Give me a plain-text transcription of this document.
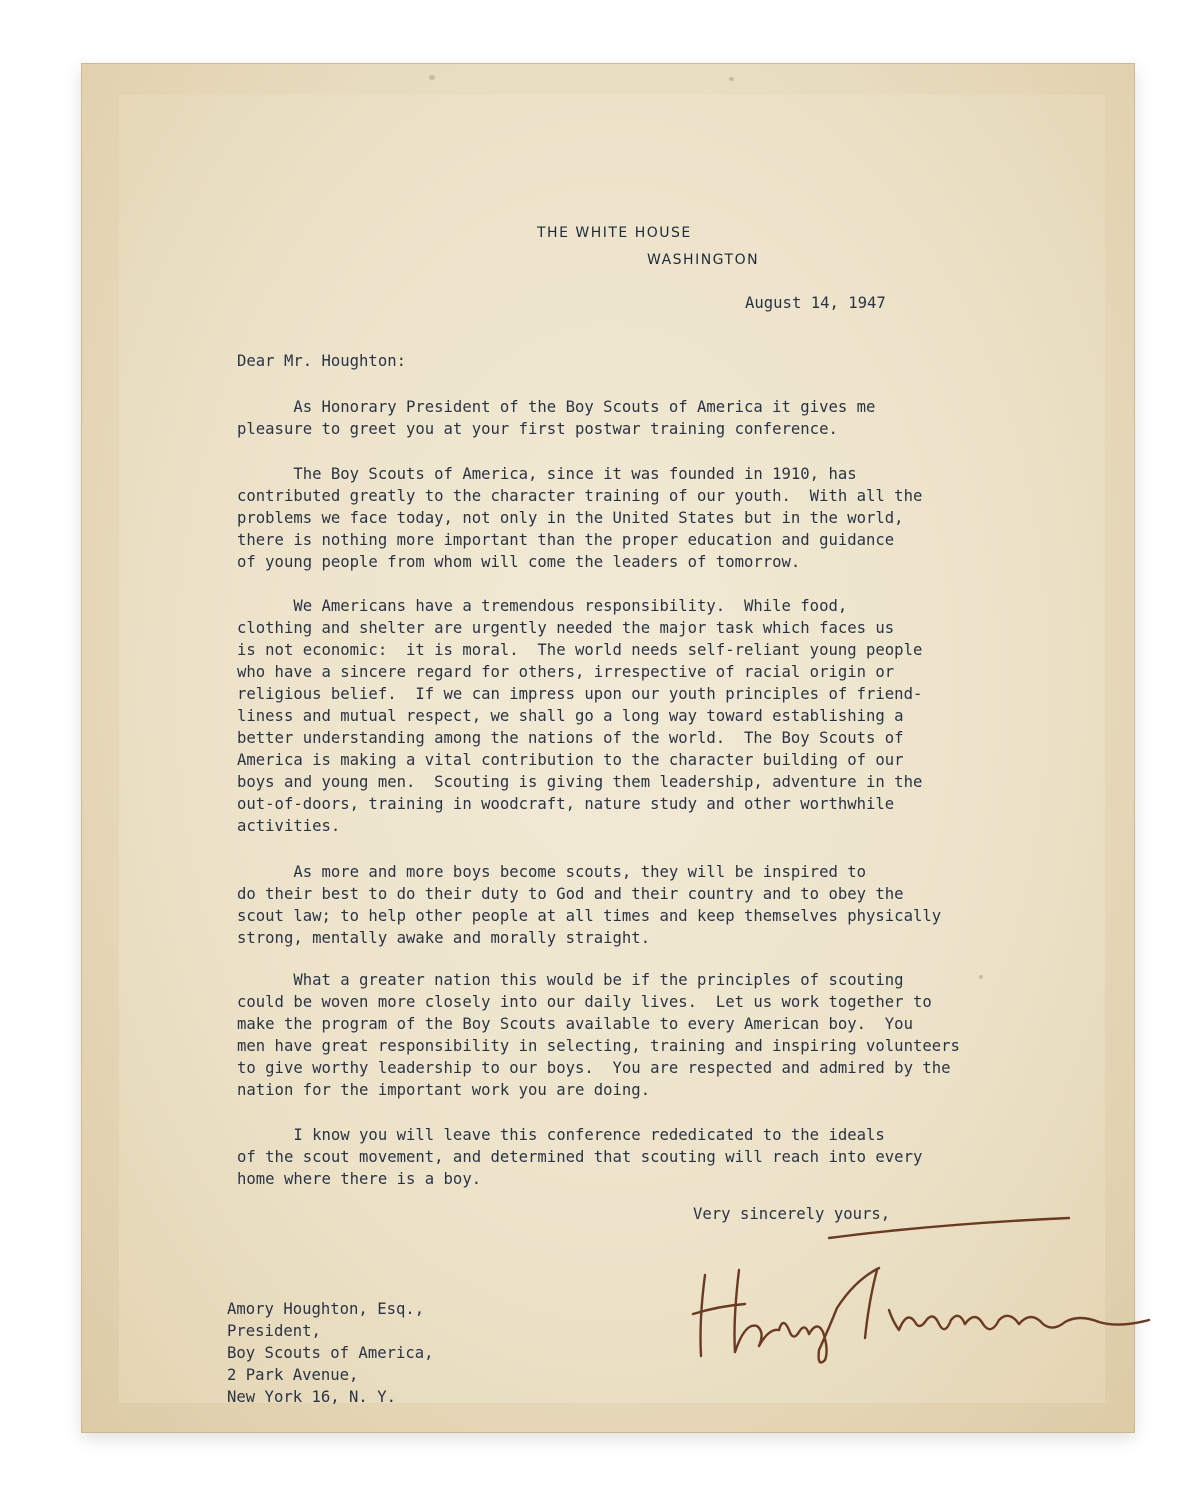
THE WHITE HOUSE
WASHINGTON
August 14, 1947
Dear Mr. Houghton:
As Honorary President of the Boy Scouts of America it gives me
pleasure to greet you at your first postwar training conference.
The Boy Scouts of America, since it was founded in 1910, has
contributed greatly to the character training of our youth.  With all the
problems we face today, not only in the United States but in the world,
there is nothing more important than the proper education and guidance
of young people from whom will come the leaders of tomorrow.
We Americans have a tremendous responsibility.  While food,
clothing and shelter are urgently needed the major task which faces us
is not economic:  it is moral.  The world needs self-reliant young people
who have a sincere regard for others, irrespective of racial origin or
religious belief.  If we can impress upon our youth principles of friend-
liness and mutual respect, we shall go a long way toward establishing a
better understanding among the nations of the world.  The Boy Scouts of
America is making a vital contribution to the character building of our
boys and young men.  Scouting is giving them leadership, adventure in the
out-of-doors, training in woodcraft, nature study and other worthwhile
activities.
As more and more boys become scouts, they will be inspired to
do their best to do their duty to God and their country and to obey the
scout law; to help other people at all times and keep themselves physically
strong, mentally awake and morally straight.
What a greater nation this would be if the principles of scouting
could be woven more closely into our daily lives.  Let us work together to
make the program of the Boy Scouts available to every American boy.  You
men have great responsibility in selecting, training and inspiring volunteers
to give worthy leadership to our boys.  You are respected and admired by the
nation for the important work you are doing.
I know you will leave this conference rededicated to the ideals
of the scout movement, and determined that scouting will reach into every
home where there is a boy.
Very sincerely yours,
Amory Houghton, Esq.,
President,
Boy Scouts of America,
2 Park Avenue,
New York 16, N. Y.
